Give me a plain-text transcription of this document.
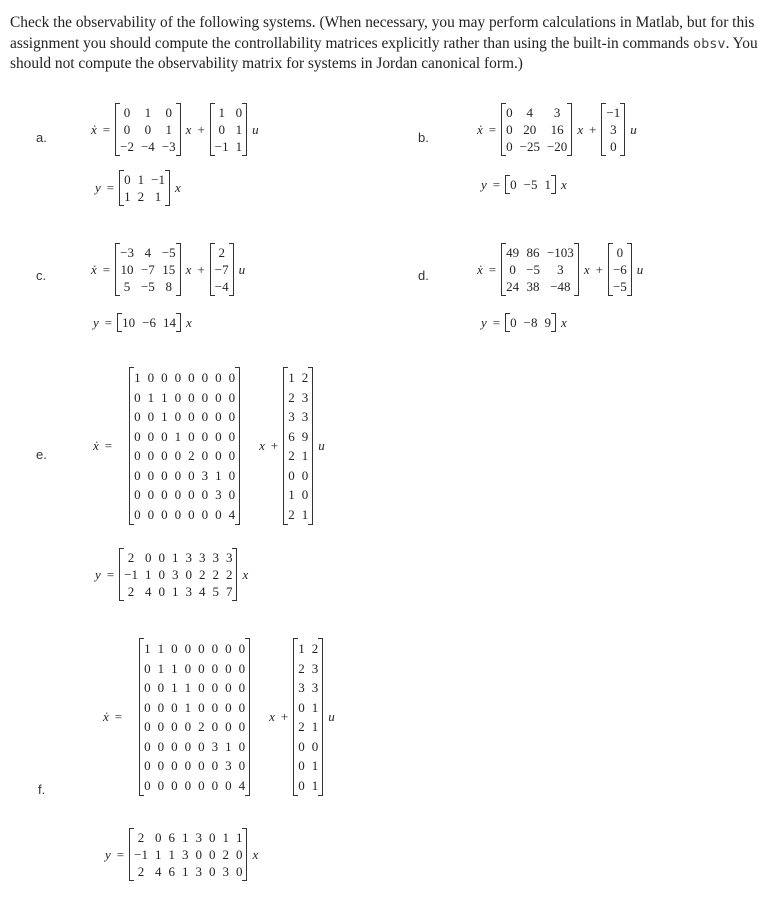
Check the observability of the following systems. (When necessary, you may perform calculations in Matlab, but for this assignment you should compute the controllability matrices explicitly rather than using the built-in commands obsv. You should not compute the observability matrix for systems in Jordan canonical form.)

a.
ẋ =
0 1 0
0 0 1
−2 −4 −3
x +
1 0
0 1
−1 1
u
y =
0 1 −1
1 2 1
x
b.
ẋ =
0	4	3
0 20 16
0 −25 −20
x +
−1
3
0
u
y = 0 −5 1 x
c.	ẋ =
−3 4 −5
10 −7 15
5 −5 8
x +
2
−7
−4
u
y = 10 −6 14 x
d.	ẋ =
49 86 −103
0 −5	3
24 38 −48
x +
0
−6
−5
u
y = 0 −8 9 x
e.
ẋ =
1 0 0 0 0 0 0 0
0 1 1 0 0 0 0 0
0 0 1 0 0 0 0 0
0 0 0 1 0 0 0 0
0 0 0 0 2 0 0 0
0 0 0 0 0 3 1 0
0 0 0 0 0 0 3 0
0 0 0 0 0 0 0 4
x +
1 2
2 3
3 3
6 9
2 1
0 0
1 0
2 1
u
y =
2 0 0 1 3 3 3 3
−1 1 0 3 0 2 2 2
2 4 0 1 3 4 5 7
x
f.
ẋ =
1 1 0 0 0 0 0 0
0 1 1 0 0 0 0 0
0 0 1 1 0 0 0 0
0 0 0 1 0 0 0 0
0 0 0 0 2 0 0 0
0 0 0 0 0 3 1 0
0 0 0 0 0 0 3 0
0 0 0 0 0 0 0 4
x +
1 2
2 3
3 3
0 1
2 1
0 0
0 1
0 1
u
y =
2 0 6 1 3 0 1 1
−1 1 1 3 0 0 2 0
2 4 6 1 3 0 3 0
x
